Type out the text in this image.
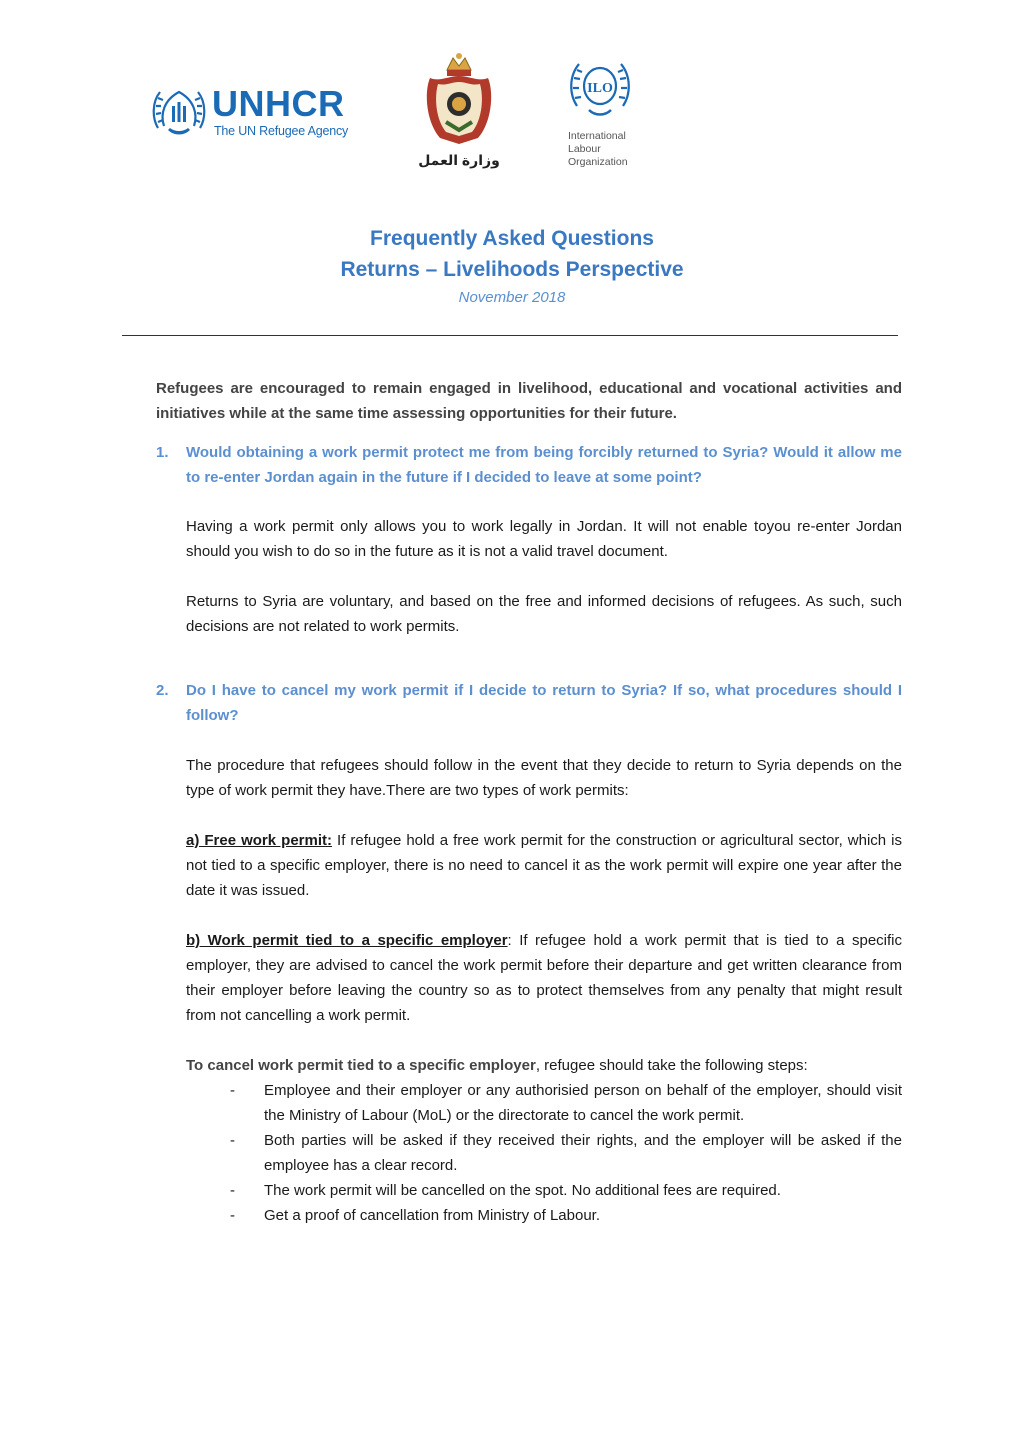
UNHCR
The UN Refugee Agency
وزارة العمل
ILO
International
Labour
Organization
Frequently Asked Questions
Returns – Livelihoods Perspective
November 2018

Refugees are encouraged to remain engaged in livelihood, educational and vocational activities and initiatives while at the same time assessing opportunities for their future.

1.	Would obtaining a work permit protect me from being forcibly returned to Syria? Would it allow me to re-enter Jordan again in the future if I decided to leave at some point?

Having a work permit only allows you to work legally in Jordan. It will not enable toyou re-enter Jordan should you wish to do so in the future as it is not a valid travel document.

Returns to Syria are voluntary, and based on the free and informed decisions of refugees. As such, such decisions are not related to work permits.

2.	Do I have to cancel my work permit if I decide to return to Syria? If so, what procedures should I follow?

The procedure that refugees should follow in the event that they decide to return to Syria depends on the type of work permit they have.There are two types of work permits:

a) Free work permit: If refugee hold a free work permit for the construction or agricultural sector, which is not tied to a specific employer, there is no need to cancel it as the work permit will expire one year after the date it was issued.

b) Work permit tied to a specific employer: If refugee hold a work permit that is tied to a specific employer, they are advised to cancel the work permit before their departure and get written clearance from their employer before leaving the country so as to protect themselves from any penalty that might result from not cancelling a work permit.

To cancel work permit tied to a specific employer, refugee should take the following steps:

-	Employee and their employer or any authorisied person on behalf of the employer, should visit the Ministry of Labour (MoL) or the directorate to cancel the work permit.
-	Both parties will be asked if they received their rights, and the employer will be asked if the employee has a clear record.
-	The work permit will be cancelled on the spot. No additional fees are required.
-	Get a proof of cancellation from Ministry of Labour.
